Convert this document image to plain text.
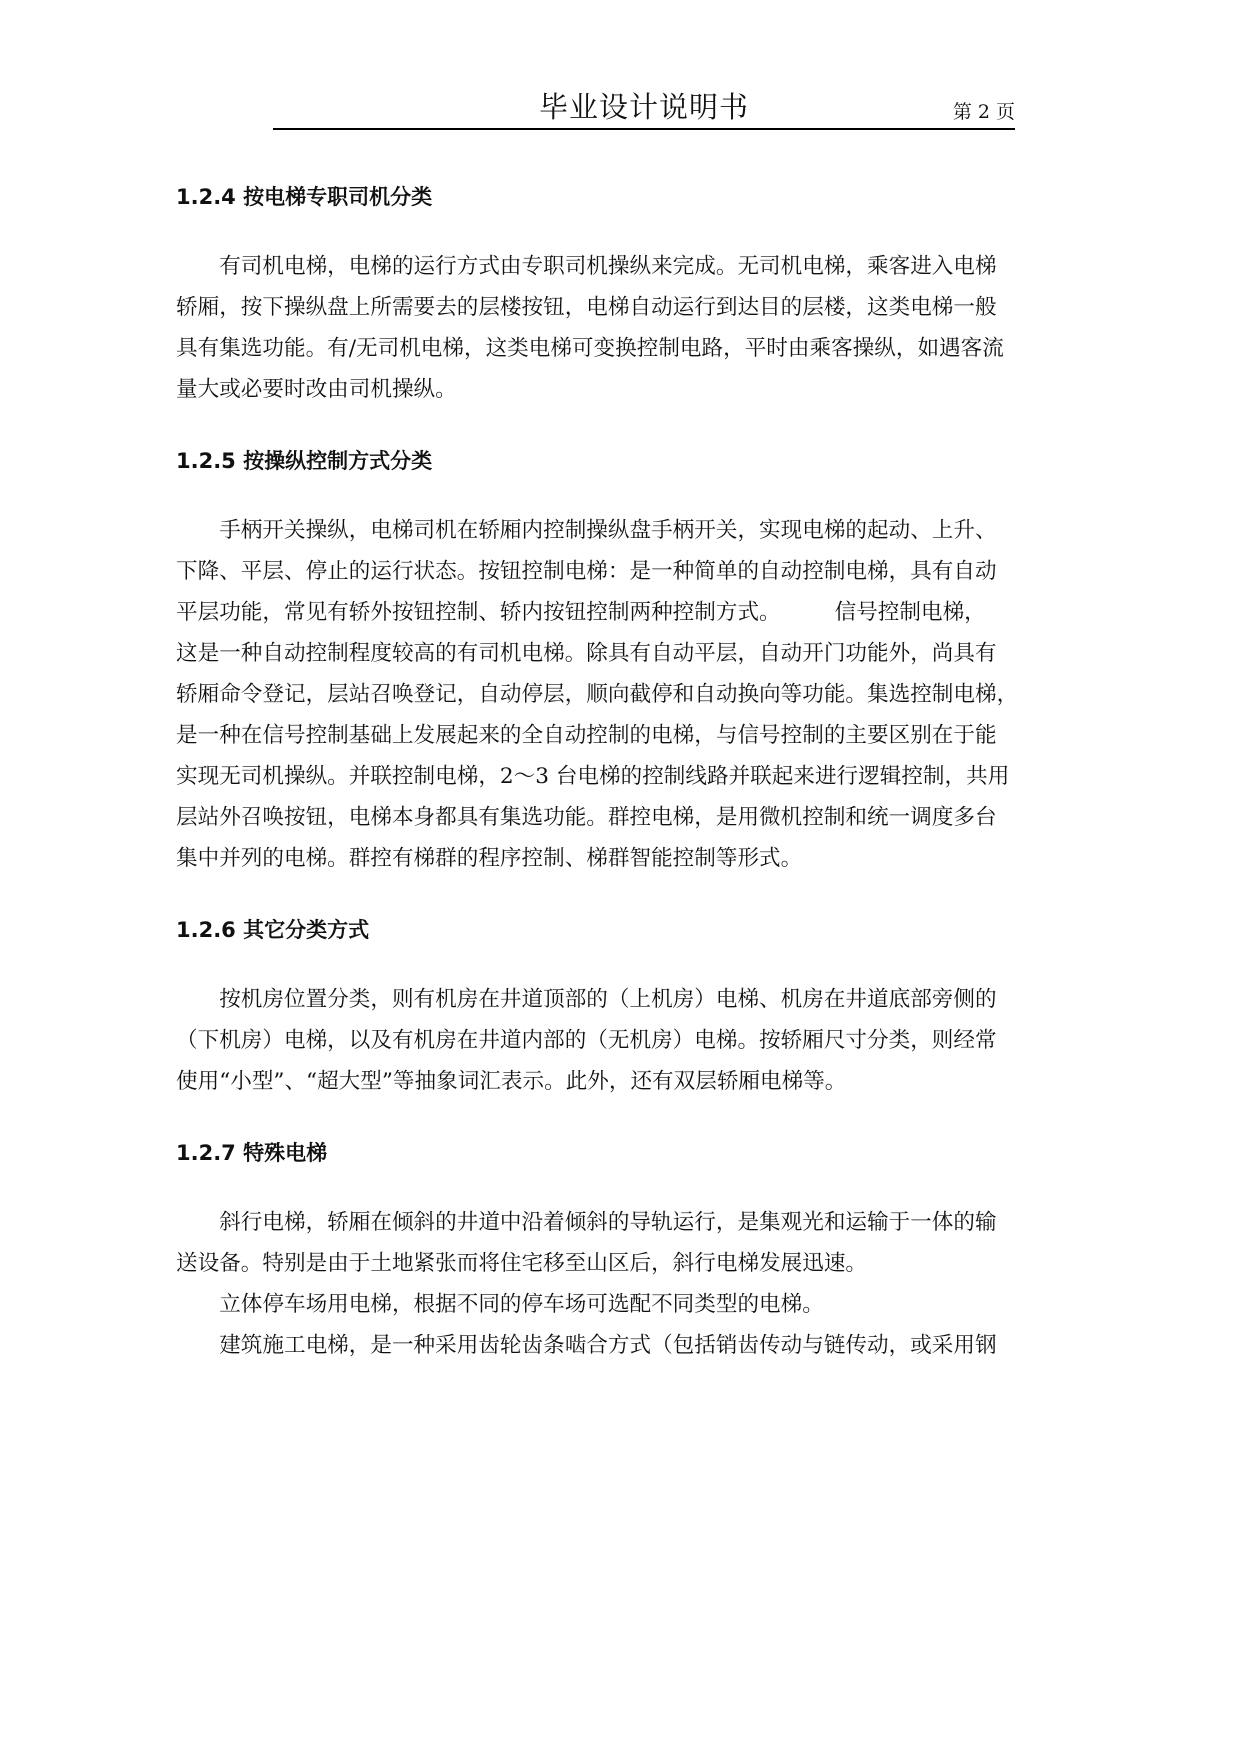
毕业设计说明书	第 2 页
1.2.4 按电梯专职司机分类

有司机电梯，电梯的运行方式由专职司机操纵来完成。无司机电梯，乘客进入电梯
轿厢，按下操纵盘上所需要去的层楼按钮，电梯自动运行到达目的层楼，这类电梯一般
具有集选功能。有/无司机电梯，这类电梯可变换控制电路，平时由乘客操纵，如遇客流
量大或必要时改由司机操纵。

1.2.5 按操纵控制方式分类

手柄开关操纵，电梯司机在轿厢内控制操纵盘手柄开关，实现电梯的起动、上升、
下降、平层、停止的运行状态。按钮控制电梯：是一种简单的自动控制电梯，具有自动
平层功能，常见有轿外按钮控制、轿内按钮控制两种控制方式。　　　信号控制电梯，
这是一种自动控制程度较高的有司机电梯。除具有自动平层，自动开门功能外，尚具有
轿厢命令登记，层站召唤登记，自动停层，顺向截停和自动换向等功能。集选控制电梯，
是一种在信号控制基础上发展起来的全自动控制的电梯，与信号控制的主要区别在于能
实现无司机操纵。并联控制电梯，2～3 台电梯的控制线路并联起来进行逻辑控制，共用
层站外召唤按钮，电梯本身都具有集选功能。群控电梯，是用微机控制和统一调度多台
集中并列的电梯。群控有梯群的程序控制、梯群智能控制等形式。

1.2.6 其它分类方式

按机房位置分类，则有机房在井道顶部的（上机房）电梯、机房在井道底部旁侧的
（下机房）电梯，以及有机房在井道内部的（无机房）电梯。按轿厢尺寸分类，则经常
使用“小型”、“超大型”等抽象词汇表示。此外，还有双层轿厢电梯等。

1.2.7 特殊电梯

斜行电梯，轿厢在倾斜的井道中沿着倾斜的导轨运行，是集观光和运输于一体的输
送设备。特别是由于土地紧张而将住宅移至山区后，斜行电梯发展迅速。

立体停车场用电梯，根据不同的停车场可选配不同类型的电梯。

建筑施工电梯，是一种采用齿轮齿条啮合方式（包括销齿传动与链传动，或采用钢
